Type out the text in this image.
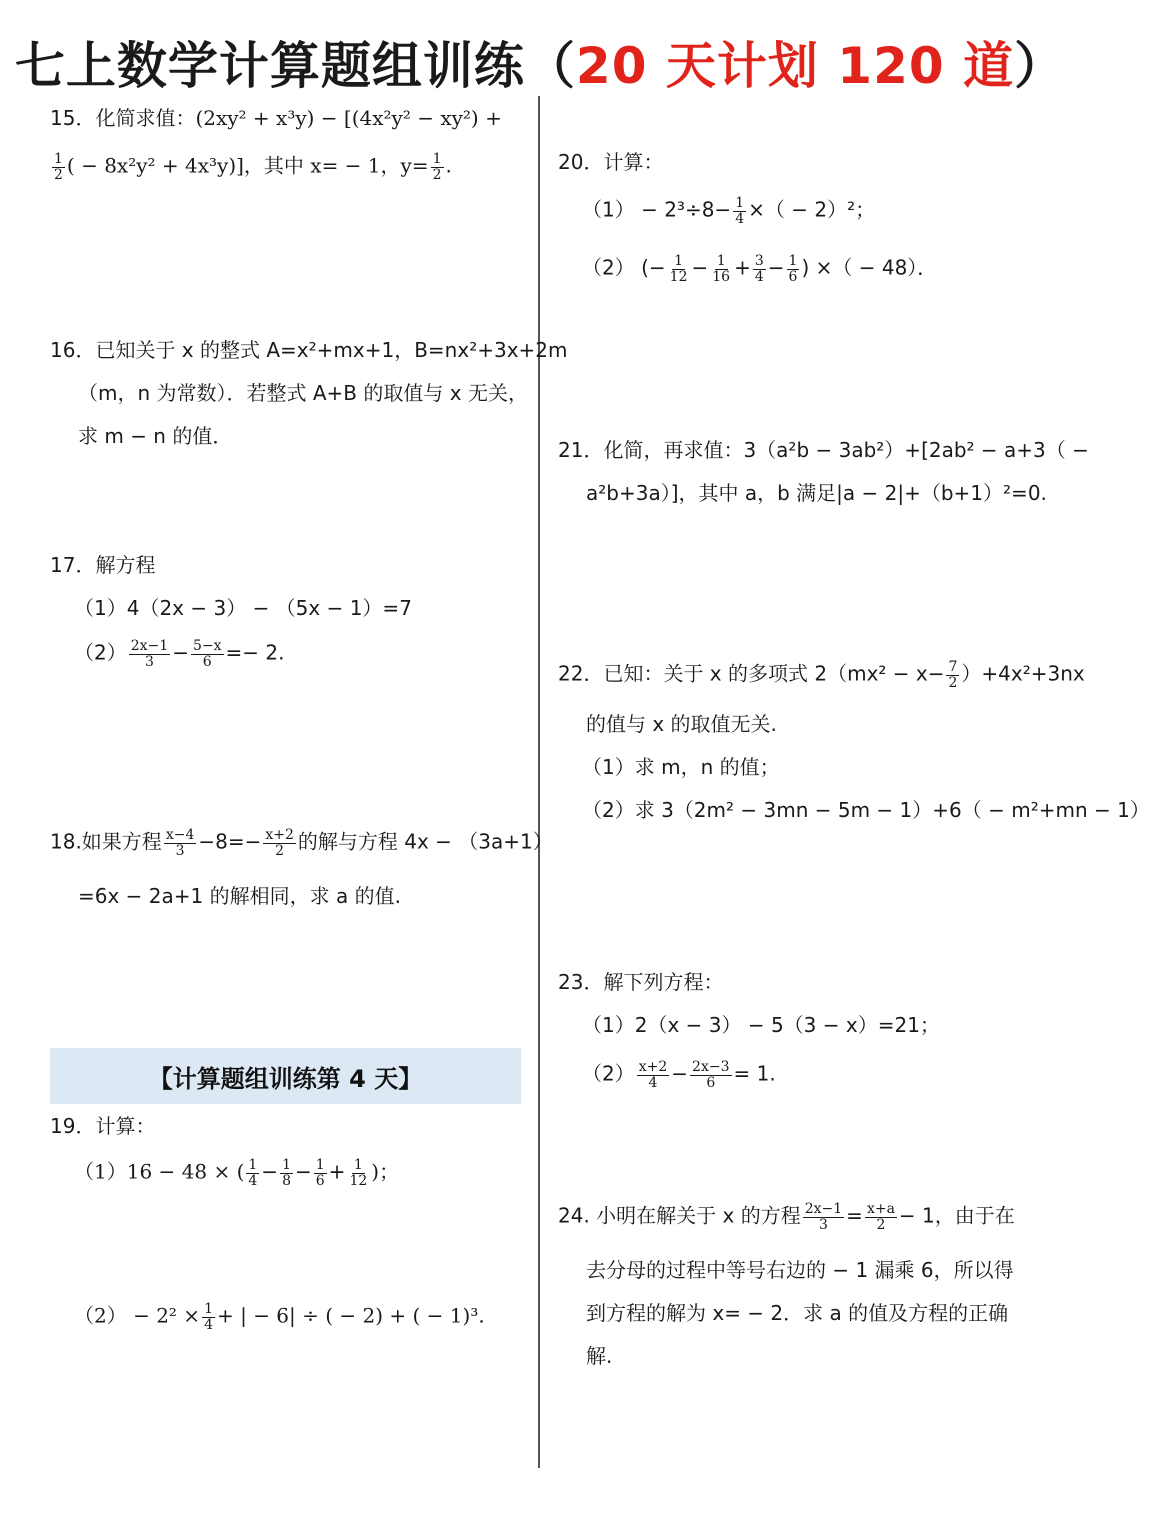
七上数学计算题组训练（20 天计划 120 道）
15．化简求值：(2xy² + x³y) − [(4x²y² − xy²) +
$\frac{1}{2}$ ( − 8x²y² + 4x³y)]，其中 x= − 1，$y= \frac{1}{2}$ .
16．已知关于 x 的整式 A=x²+mx+1，B=nx²+3x+2m
（m，n 为常数）．若整式 A+B 的取值与 x 无关，
求 m − n 的值．
17．解方程
（1）4（2x − 3） − （5x − 1）=7
$(2) \frac{2x-1}{3} - \frac{5-x}{6} =- 2$.
18.如果方程 $\frac{x-4}{3} -8=- \frac{x+2}{2}$ 的解与方程 4x − （3a+1）
=6x − 2a+1 的解相同，求 a 的值.
【计算题组训练第 4 天】
19．计算：
（1）16 − 48 × ( $\frac{1}{4} - \frac{1}{8} - \frac{1}{6} + \frac{1}{12}$ )；
$(2) - 2^2 \times \frac{1}{4}$ + | − 6| ÷ ( − 2) + ( − 1)³.
20．计算：
$(1) - 2^3\div 8- \frac{1}{4}$ ×（ − 2）²；
（2） (− $\frac{1}{12} - \frac{1}{16} + \frac{3}{4} - \frac{1}{6}$ ) ×（ − 48）．
21．化简，再求值：3（a²b − 3ab²）+[2ab² − a+3（ −
a²b+3a）]，其中 a，b 满足|a − 2|+（b+1）²=0.
22．已知：关于 x 的多项式 $2(mx^2 - x- \frac{7}{2} )+4x^2+3nx$
的值与 x 的取值无关.
（1）求 m，n 的值；
（2）求 3（2m² − 3mn − 5m − 1）+6（ − m²+mn − 1）
23．解下列方程：
（1）2（x − 3） − 5（3 − x）=21；
$(2) \frac{x+2}{4} - \frac{2x-3}{6} = 1$.
24. 小明在解关于 x 的方程 $\frac{2x-1}{3} = \frac{x+a}{2} - 1$，由于在
去分母的过程中等号右边的 − 1 漏乘 6，所以得
到方程的解为 x= − 2．求 a 的值及方程的正确
解.
